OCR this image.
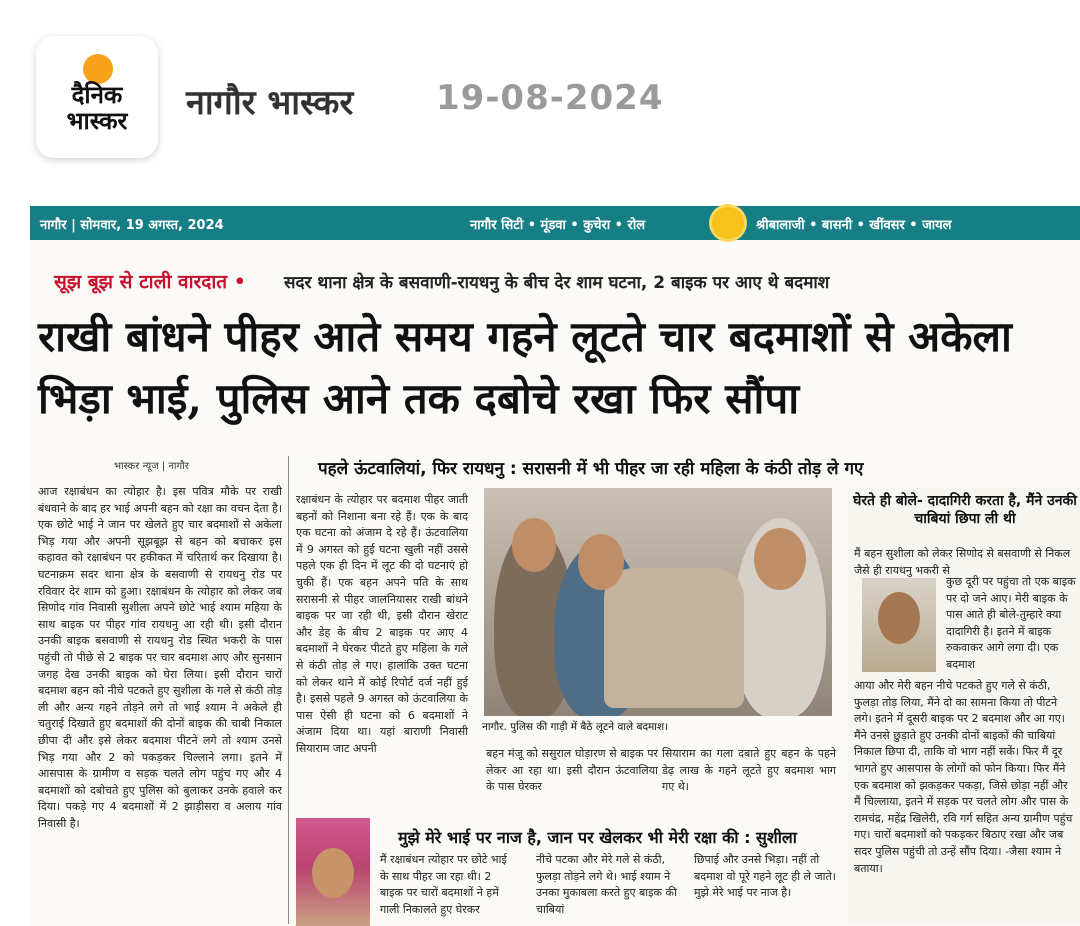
दैनिक
भास्कर	नागौर भास्कर 19-08-2024
नागौर | सोमवार, 19 अगस्त, 2024	नागौर सिटी • मूंडवा • कुचेरा • रोल	श्रीबालाजी • बासनी • खींवसर • जायल
सूझ बूझ से टाली वारदात • सदर थाना क्षेत्र के बसवाणी-रायधनु के बीच देर शाम घटना, 2 बाइक पर आए थे बदमाश
राखी बांधने पीहर आते समय गहने लूटते चार बदमाशों से अकेला भिड़ा भाई, पुलिस आने तक दबोचे रखा फिर सौंपा
भास्कर न्यूज | नागौर
आज रक्षाबंधन का त्योहार है। इस पवित्र मौके पर राखी बंधवाने के बाद हर भाई अपनी बहन को रक्षा का वचन देता है। एक छोटे भाई ने जान पर खेलते हुए चार बदमाशों से अकेला भिड़ गया और अपनी सूझबूझ से बहन को बचाकर इस कहावत को रक्षाबंधन पर हकीकत में चरितार्थ कर दिखाया है। घटनाक्रम सदर थाना क्षेत्र के बसवाणी से रायधनु रोड पर रविवार देर शाम को हुआ। रक्षाबंधन के त्योहार को लेकर जब सिणोद गांव निवासी सुशीला अपने छोटे भाई श्याम महिया के साथ बाइक पर पीहर गांव रायधनु आ रही थी। इसी दौरान उनकी बाइक बसवाणी से रायधनु रोड स्थित भकरी के पास पहुंची तो पीछे से 2 बाइक पर चार बदमाश आए और सुनसान जगह देख उनकी बाइक को घेरा लिया। इसी दौरान चारों बदमाश बहन को नीचे पटकते हुए सुशीला के गले से कंठी तोड़ ली और अन्य गहने तोड़ने लगे तो भाई श्याम ने अकेले ही चतुराई दिखाते हुए बदमाशों की दोनों बाइक की चाबी निकाल छीपा दी और इसे लेकर बदमाश पीटने लगे तो श्याम उनसे भिड़ गया और 2 को पकड़कर चिल्लाने लगा। इतने में आसपास के ग्रामीण व सड़क चलते लोग पहुंच गए और 4 बदमाशों को दबोचते हुए पुलिस को बुलाकर उनके हवाले कर दिया। पकड़े गए 4 बदमाशों में 2 झाड़ीसरा व अलाय गांव निवासी है।
पहले ऊंटवालियां, फिर रायधनु : सरासनी में भी पीहर जा रही महिला के कंठी तोड़ ले गए
रक्षाबंधन के त्योहार पर बदमाश पीहर जाती बहनों को निशाना बना रहे हैं। एक के बाद एक घटना को अंजाम दे रहे हैं। ऊंटवालिया में 9 अगस्त को हुई घटना खुली नहीं उससे पहले एक ही दिन में लूट की दो घटनाएं हो चुकी हैं। एक बहन अपने पति के साथ सरासनी से पीहर जालनियासर राखी बांधने बाइक पर जा रही थी, इसी दौरान खेराट और डेह के बीच 2 बाइक पर आए 4 बदमाशों ने घेरकर पीटते हुए महिला के गले से कंठी तोड़ ले गए। हालांकि उक्त घटना को लेकर थाने में कोई रिपोर्ट दर्ज नहीं हुई है। इससे पहले 9 अगस्त को ऊंटवालिया के पास ऐसी ही घटना को 6 बदमाशों ने अंजाम दिया था। यहां बाराणी निवासी सियाराम जाट अपनी
नागौर. पुलिस की गाड़ी में बैठे लूटने वाले बदमाश।
बहन मंजू को ससुराल घोड़ारण से बाइक पर लेकर आ रहा था। इसी दौरान ऊंटवालिया के पास घेरकर
सियाराम का गला दबाते हुए बहन के पहने डेढ़ लाख के गहने लूटते हुए बदमाश भाग गए थे।
घेरते ही बोले- दादागिरी करता है, मैंने उनकी चाबियां छिपा ली थी
मैं बहन सुशीला को लेकर सिणोद से बसवाणी से निकल जैसे ही रायधनु भकरी से
कुछ दूरी पर पहुंचा तो एक बाइक पर दो जने आए। मेरी बाइक के पास आते ही बोले-तुम्हारे क्या दादागिरी है। इतने में बाइक रुकवाकर आगे लगा दी। एक बदमाश
आया और मेरी बहन नीचे पटकते हुए गले से कंठी, फुलड़ा तोड़ लिया, मैंने दो का सामना किया तो पीटने लगे। इतने में दूसरी बाइक पर 2 बदमाश और आ गए। मैंने उनसे छुड़ाते हुए उनकी दोनों बाइकों की चाबियां निकाल छिपा दी, ताकि वो भाग नहीं सकें। फिर मैं दूर भागते हुए आसपास के लोगों को फोन किया। फिर मैंने एक बदमाश को झकड़कर पकड़ा, जिसे छोड़ा नहीं और मैं चिल्लाया, इतने में सड़क पर चलते लोग और पास के रामचंद्र, महेंद्र खिलेरी, रवि गर्ग सहित अन्य ग्रामीण पहुंच गए। चारों बदमाशों को पकड़कर बिठाए रखा और जब सदर पुलिस पहुंची तो उन्हें सौंप दिया। -जैसा श्याम ने बताया।
मुझे मेरे भाई पर नाज है, जान पर खेलकर भी मेरी रक्षा की : सुशीला
मैं रक्षाबंधन त्योहार पर छोटे भाई के साथ पीहर जा रहा थी। 2 बाइक पर चारों बदमाशों ने हमें गाली निकालते हुए घेरकर
नीचे पटका और मेरे गले से कंठी, फुलड़ा तोड़ने लगे थे। भाई श्याम ने उनका मुकाबला करते हुए बाइक की चाबियां
छिपाई और उनसे भिड़ा। नहीं तो बदमाश वो पूरे गहने लूट ही ले जाते। मुझे मेरे भाई पर नाज है।
